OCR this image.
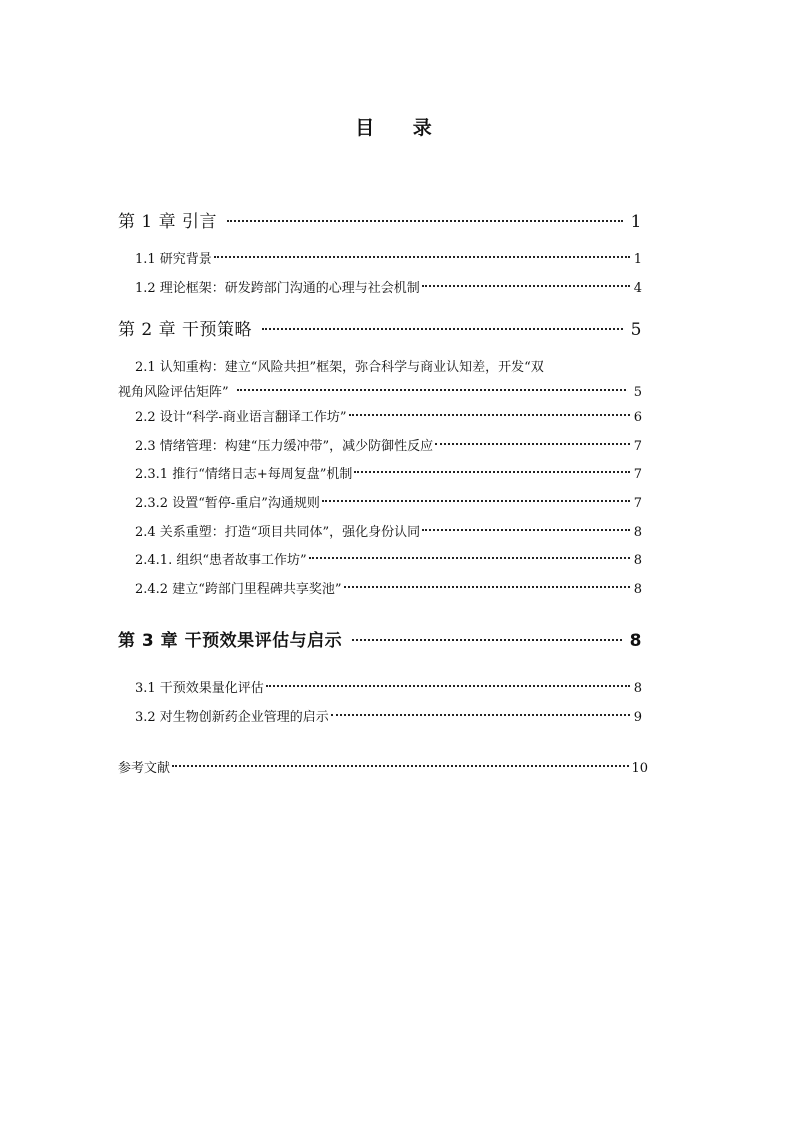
目 录
第 1 章 引言	1
1.1 研究背景	1
1.2 理论框架：研发跨部门沟通的心理与社会机制	4
第 2 章 干预策略	5
2.1 认知重构：建立“风险共担”框架，弥合科学与商业认知差，开发“双
视角风险评估矩阵”	5
2.2 设计“科学-商业语言翻译工作坊”	6
2.3 情绪管理：构建“压力缓冲带”，减少防御性反应	7
2.3.1 推行“情绪日志+每周复盘”机制	7
2.3.2 设置“暂停-重启”沟通规则	7
2.4 关系重塑：打造“项目共同体”，强化身份认同	8
2.4.1. 组织“患者故事工作坊”	8
2.4.2 建立“跨部门里程碑共享奖池”	8
第 3 章 干预效果评估与启示	8
3.1 干预效果量化评估	8
3.2 对生物创新药企业管理的启示	9
参考文献	10
